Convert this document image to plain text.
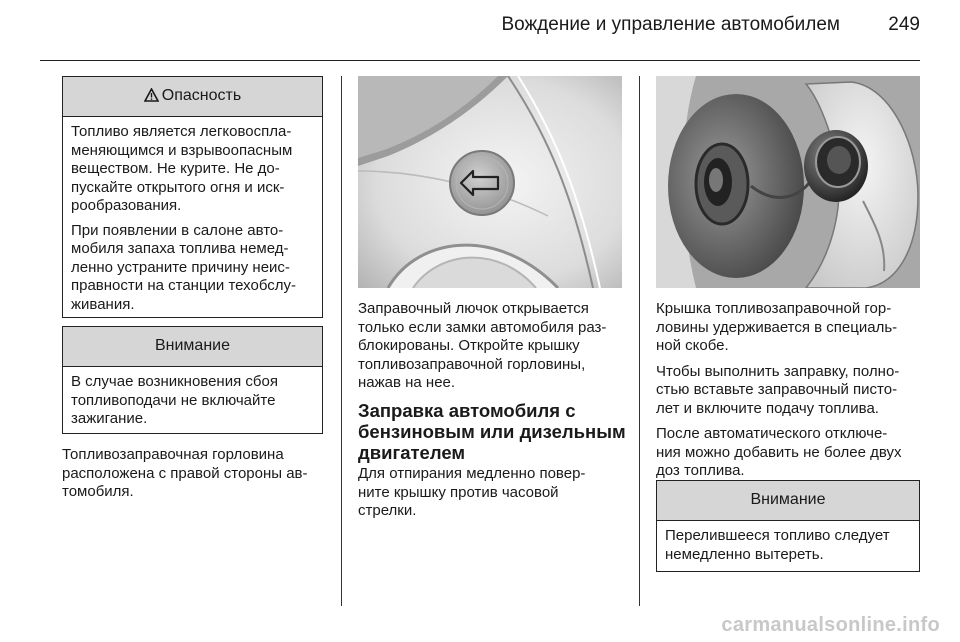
Вождение и управление автомобилем	249
Опасность

Топливо является легковоспла-
меняющимся и взрывоопасным
веществом. Не курите. Не до-
пускайте открытого огня и иск-
рообразования.

При появлении в салоне авто-
мобиля запаха топлива немед-
ленно устраните причину неис-
правности на станции техобслу-
живания.

Внимание
В случае возникновения сбоя
топливоподачи не включайте
зажигание.
Топливозаправочная горловина
расположена с правой стороны ав-
томобиля.
Заправочный лючок открывается
только если замки автомобиля раз-
блокированы. Откройте крышку
топливозаправочной горловины,
нажав на нее.
Заправка автомобиля с
бензиновым или дизельным
двигателем
Для отпирания медленно повер-
ните крышку против часовой
стрелки.

Крышка топливозаправочной гор-
ловины удерживается в специаль-
ной скобе.

Чтобы выполнить заправку, полно-
стью вставьте заправочный писто-
лет и включите подачу топлива.

После автоматического отключе-
ния можно добавить не более двух
доз топлива.

Внимание
Перелившееся топливо следует
немедленно вытереть.
carmanualsonline.info
